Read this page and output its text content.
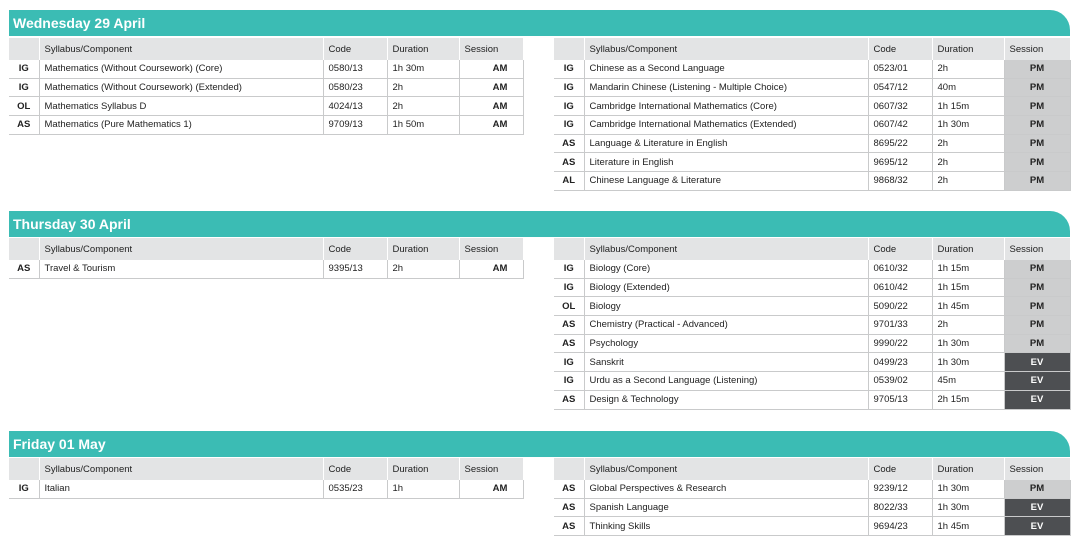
Wednesday 29 April
	Syllabus/Component	Code	Duration	Session
IG	Mathematics (Without Coursework) (Core)	0580/13	1h 30m	AM
IG	Mathematics (Without Coursework) (Extended)	0580/23	2h	AM
OL	Mathematics Syllabus D	4024/13	2h	AM
AS	Mathematics (Pure Mathematics 1)	9709/13	1h 50m	AM
	Syllabus/Component	Code	Duration	Session
IG	Chinese as a Second Language	0523/01	2h	PM
IG	Mandarin Chinese (Listening - Multiple Choice)	0547/12	40m	PM
IG	Cambridge International Mathematics (Core)	0607/32	1h 15m	PM
IG	Cambridge International Mathematics (Extended)	0607/42	1h 30m	PM
AS	Language & Literature in English	8695/22	2h	PM
AS	Literature in English	9695/12	2h	PM
AL	Chinese Language & Literature	9868/32	2h	PM
Thursday 30 April
	Syllabus/Component	Code	Duration	Session
AS	Travel & Tourism	9395/13	2h	AM
	Syllabus/Component	Code	Duration	Session
IG	Biology (Core)	0610/32	1h 15m	PM
IG	Biology (Extended)	0610/42	1h 15m	PM
OL	Biology	5090/22	1h 45m	PM
AS	Chemistry (Practical - Advanced)	9701/33	2h	PM
AS	Psychology	9990/22	1h 30m	PM
IG	Sanskrit	0499/23	1h 30m	EV
IG	Urdu as a Second Language (Listening)	0539/02	45m	EV
AS	Design & Technology	9705/13	2h 15m	EV
Friday 01 May
	Syllabus/Component	Code	Duration	Session
IG	Italian	0535/23	1h	AM
	Syllabus/Component	Code	Duration	Session
AS	Global Perspectives & Research	9239/12	1h 30m	PM
AS	Spanish Language	8022/33	1h 30m	EV
AS	Thinking Skills	9694/23	1h 45m	EV
